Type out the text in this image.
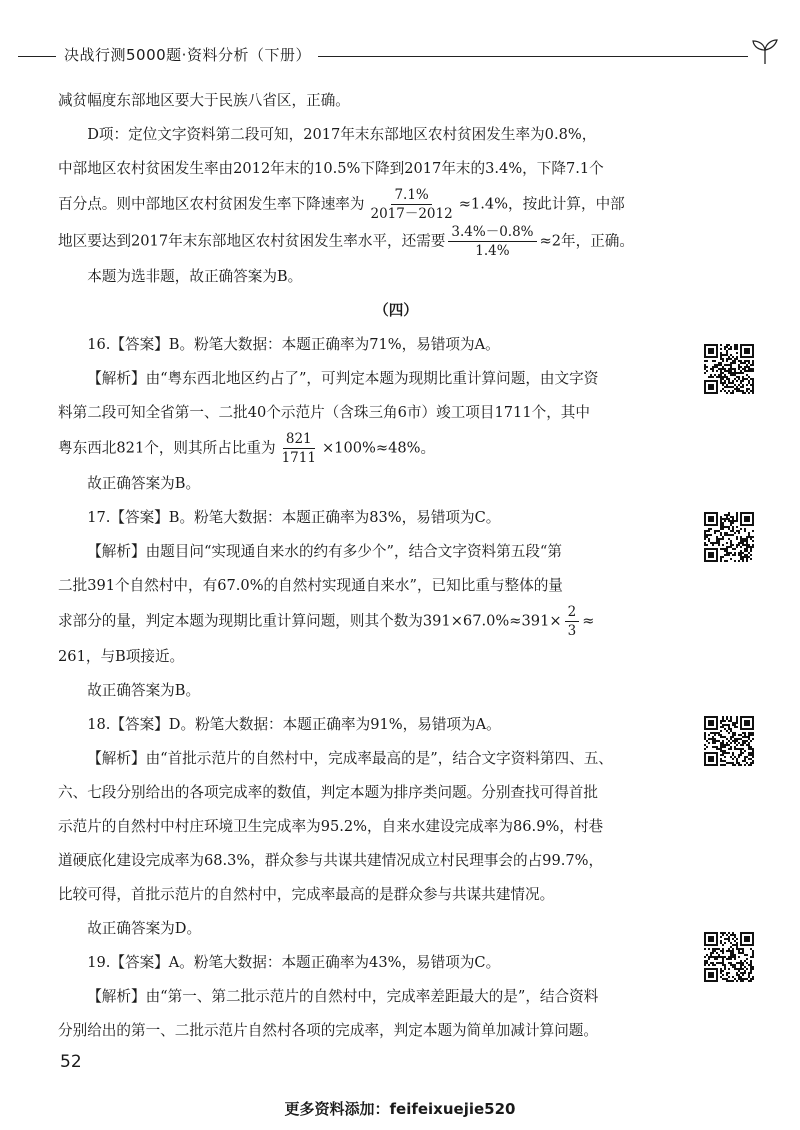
决战行测5000题·资料分析（下册）

减贫幅度东部地区要大于民族八省区，正确。

D项：定位文字资料第二段可知，2017年末东部地区农村贫困发生率为0.8%，

中部地区农村贫困发生率由2012年末的10.5%下降到2017年末的3.4%，下降7.1个

百分点。则中部地区农村贫困发生率下降速率为 $\frac{7.1\%}{2017-2012} \approx 1.4\%$，按此计算，中部

地区要达到2017年末东部地区农村贫困发生率水平，还需要 $\frac{3.4\%-0.8\%}{1.4\%} \approx 2$年，正确。

本题为选非题，故正确答案为B。

（四）

16.【答案】B。粉笔大数据：本题正确率为71%，易错项为A。

【解析】由“粤东西北地区约占了”，可判定本题为现期比重计算问题，由文字资

料第二段可知全省第一、二批40个示范片（含珠三角6市）竣工项目1711个，其中

粤东西北821个，则其所占比重为 $\frac{821}{1711} \times 100\%\approx 48\%$。

故正确答案为B。

17.【答案】B。粉笔大数据：本题正确率为83%，易错项为C。

【解析】由题目问“实现通自来水的约有多少个”，结合文字资料第五段“第

二批391个自然村中，有67.0%的自然村实现通自来水”，已知比重与整体的量

求部分的量，判定本题为现期比重计算问题，则其个数为$391\times 67.0\%\approx 391\times \frac{2}{3}$ ≈

261，与B项接近。

故正确答案为B。

18.【答案】D。粉笔大数据：本题正确率为91%，易错项为A。

【解析】由“首批示范片的自然村中，完成率最高的是”，结合文字资料第四、五、

六、七段分别给出的各项完成率的数值，判定本题为排序类问题。分别查找可得首批

示范片的自然村中村庄环境卫生完成率为95.2%，自来水建设完成率为86.9%，村巷

道硬底化建设完成率为68.3%，群众参与共谋共建情况成立村民理事会的占99.7%，

比较可得，首批示范片的自然村中，完成率最高的是群众参与共谋共建情况。

故正确答案为D。

19.【答案】A。粉笔大数据：本题正确率为43%，易错项为C。

【解析】由“第一、第二批示范片的自然村中，完成率差距最大的是”，结合资料

分别给出的第一、二批示范片自然村各项的完成率，判定本题为简单加减计算问题。

52
更多资料添加：feifeixuejie520
